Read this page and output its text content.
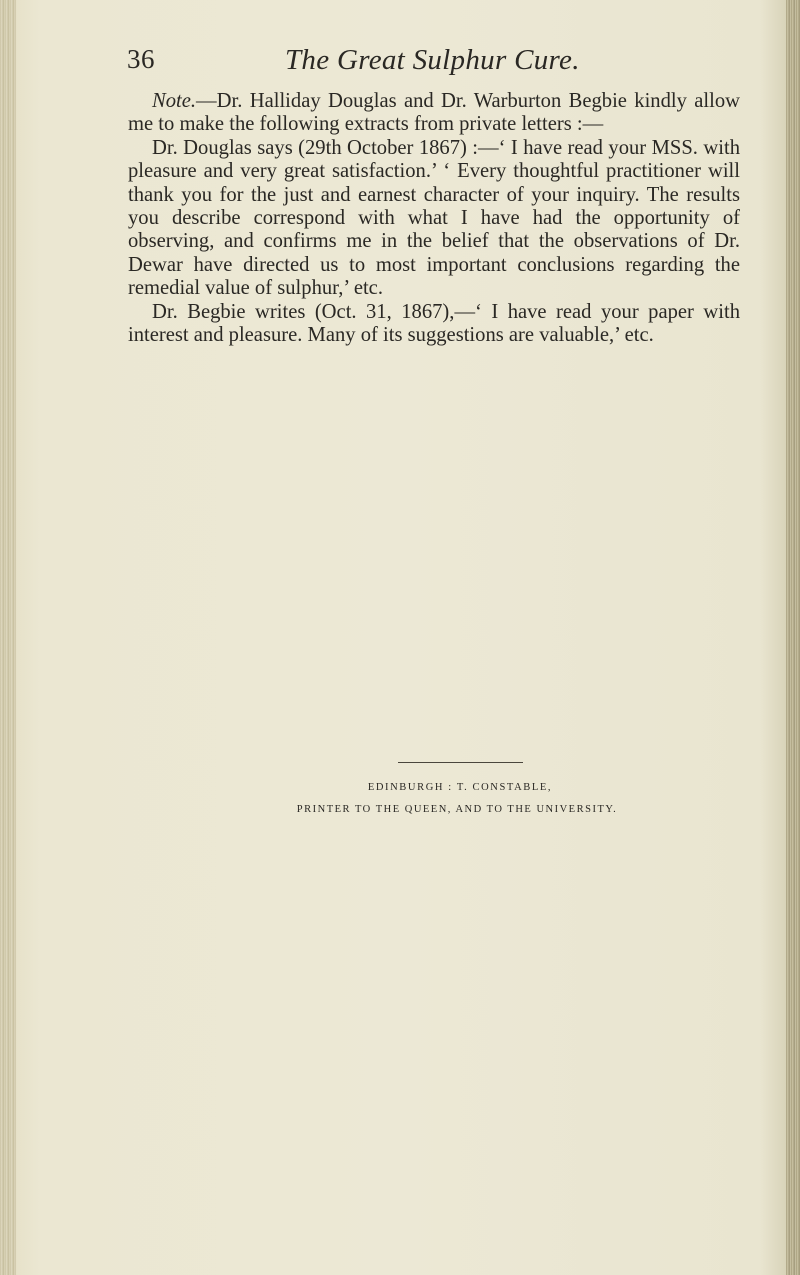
36	The Great Sulphur Cure.

Note.—Dr. Halliday Douglas and Dr. Warburton Begbie kindly allow me to make the following extracts from private letters :—

Dr. Douglas says (29th October 1867) :—‘ I have read your MSS. with pleasure and very great satisfaction.’ ‘ Every thoughtful practitioner will thank you for the just and earnest character of your inquiry. The results you describe correspond with what I have had the opportunity of observing, and confirms me in the belief that the observations of Dr. Dewar have directed us to most important conclusions regarding the remedial value of sulphur,’ etc.

Dr. Begbie writes (Oct. 31, 1867),—‘ I have read your paper with interest and pleasure. Many of its suggestions are valuable,’ etc.

EDINBURGH : T. CONSTABLE,
PRINTER TO THE QUEEN, AND TO THE UNIVERSITY.
